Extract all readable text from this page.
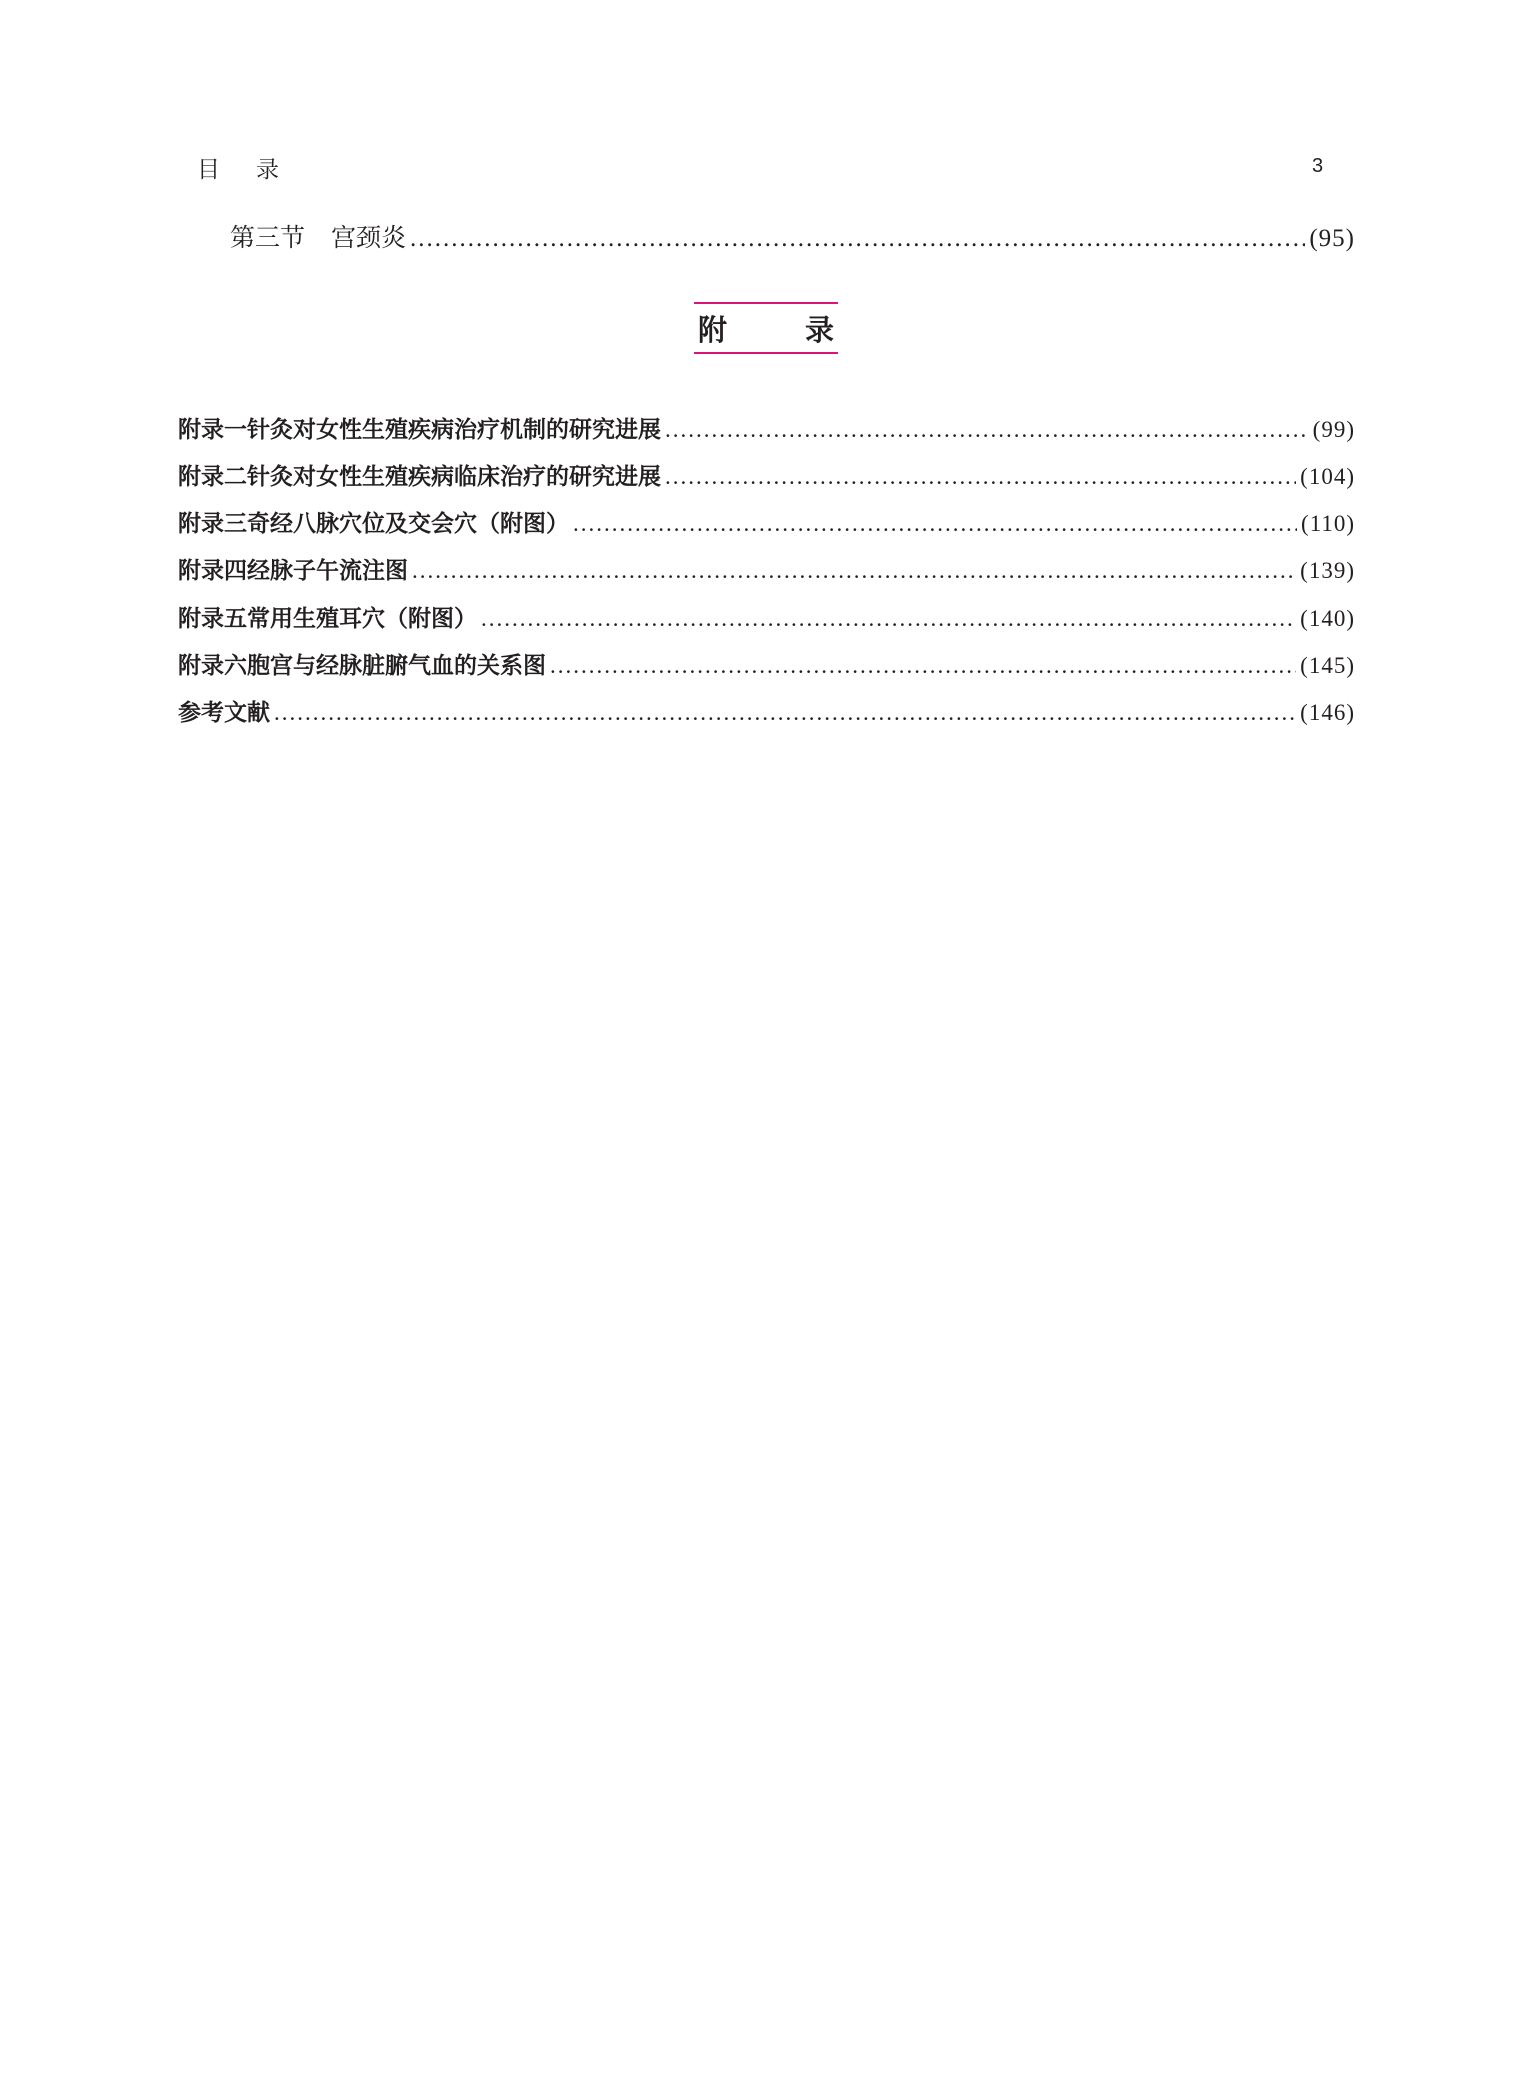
目 录	3
第三节 宫颈炎 .....	(95)
附	录
附录一 针灸对女性生殖疾病治疗机制的研究进展 .....	(99)
附录二 针灸对女性生殖疾病临床治疗的研究进展 .....	(104)
附录三 奇经八脉穴位及交会穴（附图） .....	(110)
附录四 经脉子午流注图 .....	(139)
附录五 常用生殖耳穴（附图） .....	(140)
附录六 胞宫与经脉脏腑气血的关系图 .....	(145)
参考文献 .....	(146)
